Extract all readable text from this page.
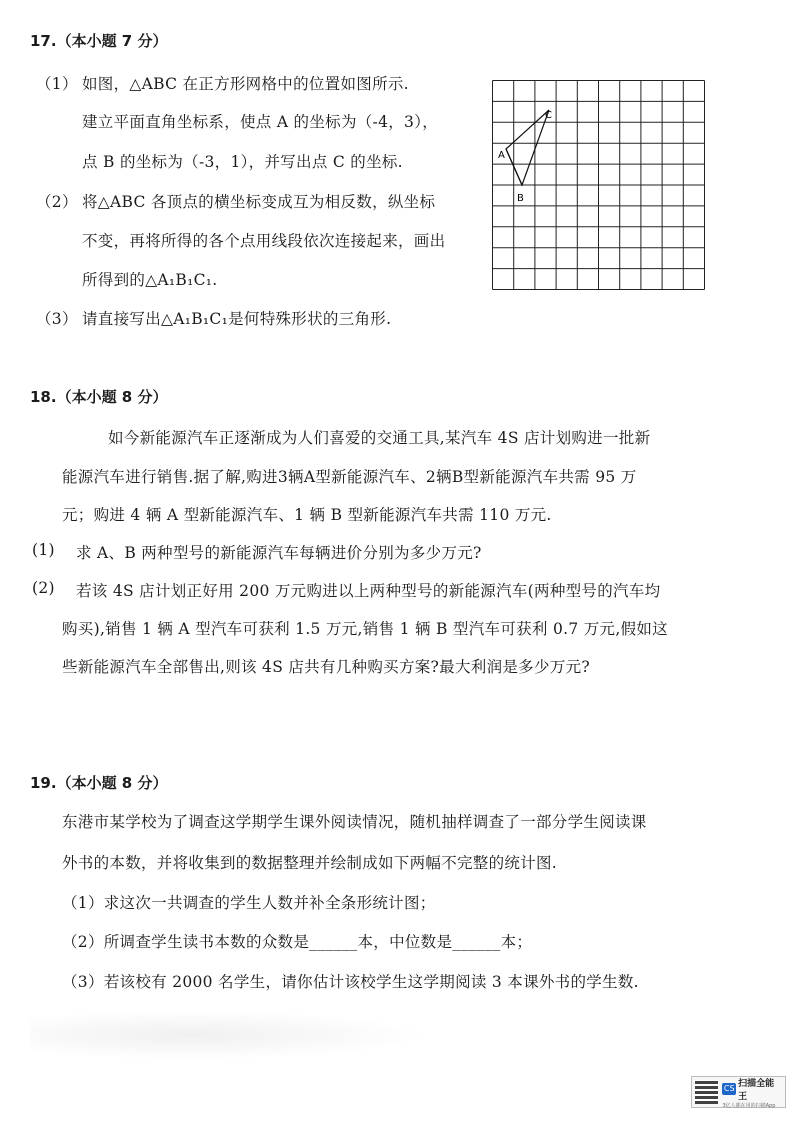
17.（本小题 7 分）
（1） 如图，△ABC 在正方形网格中的位置如图所示.
建立平面直角坐标系，使点 A 的坐标为（-4，3），
点 B 的坐标为（-3，1），并写出点 C 的坐标.
（2） 将△ABC 各顶点的横坐标变成互为相反数，纵坐标
不变，再将所得的各个点用线段依次连接起来，画出
所得到的△A₁B₁C₁.
（3） 请直接写出△A₁B₁C₁是何特殊形状的三角形.
A
B
C
18.（本小题 8 分）
如今新能源汽车正逐渐成为人们喜爱的交通工具,某汽车 4S 店计划购进一批新
能源汽车进行销售.据了解,购进3辆A型新能源汽车、2辆B型新能源汽车共需 95 万
元；购进 4 辆 A 型新能源汽车、1 辆 B 型新能源汽车共需 110 万元.
(1) 求 A、B 两种型号的新能源汽车每辆进价分别为多少万元?
(2) 若该 4S 店计划正好用 200 万元购进以上两种型号的新能源汽车(两种型号的汽车均
购买),销售 1 辆 A 型汽车可获利 1.5 万元,销售 1 辆 B 型汽车可获利 0.7 万元,假如这
些新能源汽车全部售出,则该 4S 店共有几种购买方案?最大利润是多少万元?
19.（本小题 8 分）
东港市某学校为了调查这学期学生课外阅读情况，随机抽样调查了一部分学生阅读课
外书的本数，并将收集到的数据整理并绘制成如下两幅不完整的统计图.
（1）求这次一共调查的学生人数并补全条形统计图；
（2）所调查学生读书本数的众数是______本，中位数是______本；
（3）若该校有 2000 名学生，请你估计该校学生这学期阅读 3 本课外书的学生数.
CS 扫描全能王
3亿人都在用的扫描App
